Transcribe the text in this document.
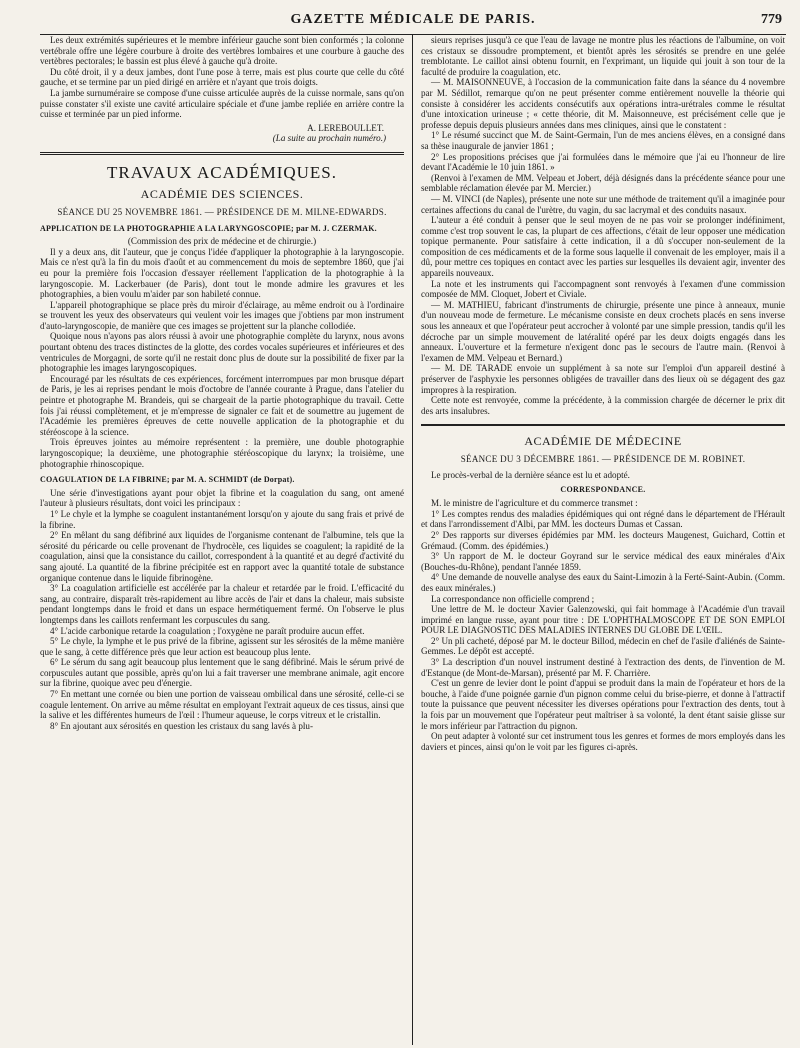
GAZETTE MÉDICALE DE PARIS.	779

Les deux extrémités supérieures et le membre inférieur gauche sont bien conformés ; la colonne vertébrale offre une légère courbure à droite des vertèbres lombaires et une courbure à gauche des vertèbres pectorales; le bassin est plus élevé à gauche qu'à droite.

Du côté droit, il y a deux jambes, dont l'une pose à terre, mais est plus courte que celle du côté gauche, et se termine par un pied dirigé en arrière et n'ayant que trois doigts.

La jambe surnuméraire se compose d'une cuisse articulée auprès de la cuisse normale, sans qu'on puisse constater s'il existe une cavité articulaire spéciale et d'une jambe repliée en arrière contre la cuisse et terminée par un pied informe.

A. LEREBOULLET.
(La suite au prochain numéro.)
TRAVAUX ACADÉMIQUES.
ACADÉMIE DES SCIENCES.
SÉANCE DU 25 NOVEMBRE 1861. — PRÉSIDENCE DE M. MILNE-EDWARDS.
APPLICATION DE LA PHOTOGRAPHIE A LA LARYNGOSCOPIE; par M. J. CZERMAK.

(Commission des prix de médecine et de chirurgie.)

Il y a deux ans, dit l'auteur, que je conçus l'idée d'appliquer la photographie à la laryngoscopie. Mais ce n'est qu'à la fin du mois d'août et au commencement du mois de septembre 1860, que j'ai eu pour la première fois l'occasion d'essayer réellement l'application de la photographie à la laryngoscopie. M. Lackerbauer (de Paris), dont tout le monde admire les gravures et les photographies, a bien voulu m'aider par son habileté connue.

L'appareil photographique se place près du miroir d'éclairage, au même endroit ou à l'ordinaire se trouvent les yeux des observateurs qui veulent voir les images que j'obtiens par mon instrument d'auto-laryngoscopie, de manière que ces images se projettent sur la planche collodiée.

Quoique nous n'ayons pas alors réussi à avoir une photographie complète du larynx, nous avons pourtant obtenu des traces distinctes de la glotte, des cordes vocales supérieures et inférieures et des ventricules de Morgagni, de sorte qu'il ne restait donc plus de doute sur la possibilité de fixer par la photographie les images laryngoscopiques.

Encouragé par les résultats de ces expériences, forcément interrompues par mon brusque départ de Paris, je les ai reprises pendant le mois d'octobre de l'année courante à Prague, dans l'atelier du peintre et photographe M. Brandeis, qui se chargeait de la partie photographique du travail. Cette fois j'ai réussi complètement, et je m'empresse de signaler ce fait et de soumettre au jugement de l'Académie les premières épreuves de cette nouvelle application de la photographie et du stéréoscope à la science.

Trois épreuves jointes au mémoire représentent : la première, une double photographie laryngoscopique; la deuxième, une photographie stéréoscopique du larynx; la troisième, une photographie rhinoscopique.

COAGULATION DE LA FIBRINE; par M. A. SCHMIDT (de Dorpat).

Une série d'investigations ayant pour objet la fibrine et la coagulation du sang, ont amené l'auteur à plusieurs résultats, dont voici les principaux :

1° Le chyle et la lymphe se coagulent instantanément lorsqu'on y ajoute du sang frais et privé de la fibrine.

2° En mêlant du sang défibriné aux liquides de l'organisme contenant de l'albumine, tels que la sérosité du péricarde ou celle provenant de l'hydrocèle, ces liquides se coagulent; la rapidité de la coagulation, ainsi que la consistance du caillot, correspondent à la quantité et au degré d'activité du sang ajouté. La quantité de la fibrine précipitée est en rapport avec la quantité totale de substance organique contenue dans le liquide fibrinogène.

3° La coagulation artificielle est accélérée par la chaleur et retardée par le froid. L'efficacité du sang, au contraire, disparaît très-rapidement au libre accès de l'air et dans la chaleur, mais subsiste pendant longtemps dans le froid et dans un espace hermétiquement fermé. On l'observe le plus longtemps dans les caillots renfermant les corpuscules du sang.

4° L'acide carbonique retarde la coagulation ; l'oxygène ne paraît produire aucun effet.

5° Le chyle, la lymphe et le pus privé de la fibrine, agissent sur les sérosités de la même manière que le sang, à cette différence près que leur action est beaucoup plus lente.

6° Le sérum du sang agit beaucoup plus lentement que le sang défibriné. Mais le sérum privé de corpuscules autant que possible, après qu'on lui a fait traverser une membrane animale, agit encore sur la fibrine, quoique avec peu d'énergie.

7° En mettant une cornée ou bien une portion de vaisseau ombilical dans une sérosité, celle-ci se coagule lentement. On arrive au même résultat en employant l'extrait aqueux de ces tissus, ainsi que la salive et les différentes humeurs de l'œil : l'humeur aqueuse, le corps vitreux et le cristallin.

8° En ajoutant aux sérosités en question les cristaux du sang lavés à plu-

sieurs reprises jusqu'à ce que l'eau de lavage ne montre plus les réactions de l'albumine, on voit ces cristaux se dissoudre promptement, et bientôt après les sérosités se prendre en une gelée tremblotante. Le caillot ainsi obtenu fournit, en l'exprimant, un liquide qui jouit à son tour de la faculté de produire la coagulation, etc.

— M. MAISONNEUVE, à l'occasion de la communication faite dans la séance du 4 novembre par M. Sédillot, remarque qu'on ne peut présenter comme entièrement nouvelle la théorie qui consiste à considérer les accidents consécutifs aux opérations intra-urétrales comme le résultat d'une intoxication urineuse ; « cette théorie, dit M. Maisonneuve, est précisément celle que je professe depuis depuis plusieurs années dans mes cliniques, ainsi que le constatent :

1° Le résumé succinct que M. de Saint-Germain, l'un de mes anciens élèves, en a consigné dans sa thèse inaugurale de janvier 1861 ;

2° Les propositions précises que j'ai formulées dans le mémoire que j'ai eu l'honneur de lire devant l'Académie le 10 juin 1861. »

(Renvoi à l'examen de MM. Velpeau et Jobert, déjà désignés dans la précédente séance pour une semblable réclamation élevée par M. Mercier.)

— M. VINCI (de Naples), présente une note sur une méthode de traitement qu'il a imaginée pour certaines affections du canal de l'urètre, du vagin, du sac lacrymal et des conduits nasaux.

L'auteur a été conduit à penser que le seul moyen de ne pas voir se prolonger indéfiniment, comme c'est trop souvent le cas, la plupart de ces affections, c'était de leur opposer une médication topique permanente. Pour satisfaire à cette indication, il a dû s'occuper non-seulement de la composition de ces médicaments et de la forme sous laquelle il convenait de les employer, mais il a dû, pour mettre ces topiques en contact avec les parties sur lesquelles ils devaient agir, inventer des appareils nouveaux.

La note et les instruments qui l'accompagnent sont renvoyés à l'examen d'une commission composée de MM. Cloquet, Jobert et Civiale.

— M. MATHIEU, fabricant d'instruments de chirurgie, présente une pince à anneaux, munie d'un nouveau mode de fermeture. Le mécanisme consiste en deux crochets placés en sens inverse sous les anneaux et que l'opérateur peut accrocher à volonté par une simple pression, tandis qu'il les décroche par un simple mouvement de latéralité opéré par les deux doigts engagés dans les anneaux. L'ouverture et la fermeture n'exigent donc pas le secours de l'autre main. (Renvoi à l'examen de MM. Velpeau et Bernard.)

— M. DE TARADE envoie un supplément à sa note sur l'emploi d'un appareil destiné à préserver de l'asphyxie les personnes obligées de travailler dans des lieux où se dégagent des gaz impropres à la respiration.

Cette note est renvoyée, comme la précédente, à la commission chargée de décerner le prix dit des arts insalubres.

ACADÉMIE DE MÉDECINE
SÉANCE DU 3 DÉCEMBRE 1861. — PRÉSIDENCE DE M. ROBINET.

Le procès-verbal de la dernière séance est lu et adopté.

CORRESPONDANCE.

M. le ministre de l'agriculture et du commerce transmet :

1° Les comptes rendus des maladies épidémiques qui ont régné dans le département de l'Hérault et dans l'arrondissement d'Albi, par MM. les docteurs Dumas et Cassan.

2° Des rapports sur diverses épidémies par MM. les docteurs Maugenest, Guichard, Cottin et Grémaud. (Comm. des épidémies.)

3° Un rapport de M. le docteur Goyrand sur le service médical des eaux minérales d'Aix (Bouches-du-Rhône), pendant l'année 1859.

4° Une demande de nouvelle analyse des eaux du Saint-Limozin à la Ferté-Saint-Aubin. (Comm. des eaux minérales.)

La correspondance non officielle comprend ;

Une lettre de M. le docteur Xavier Galenzowski, qui fait hommage à l'Académie d'un travail imprimé en langue russe, ayant pour titre : DE L'OPHTHALMOSCOPE ET DE SON EMPLOI POUR LE DIAGNOSTIC DES MALADIES INTERNES DU GLOBE DE L'ŒIL.

2° Un pli cacheté, déposé par M. le docteur Billod, médecin en chef de l'asile d'aliénés de Sainte-Gemmes. Le dépôt est accepté.

3° La description d'un nouvel instrument destiné à l'extraction des dents, de l'invention de M. d'Estanque (de Mont-de-Marsan), présenté par M. F. Charrière.

C'est un genre de levier dont le point d'appui se produit dans la main de l'opérateur et hors de la bouche, à l'aide d'une poignée garnie d'un pignon comme celui du brise-pierre, et donne à l'attractif toute la puissance que peuvent nécessiter les diverses opérations pour l'extraction des dents, tout à la fois par un mouvement que l'opérateur peut maîtriser à sa volonté, la dent étant saisie glisse sur le mors inférieur par l'attraction du pignon.

On peut adapter à volonté sur cet instrument tous les genres et formes de mors employés dans les daviers et pinces, ainsi qu'on le voit par les figures ci-après.
